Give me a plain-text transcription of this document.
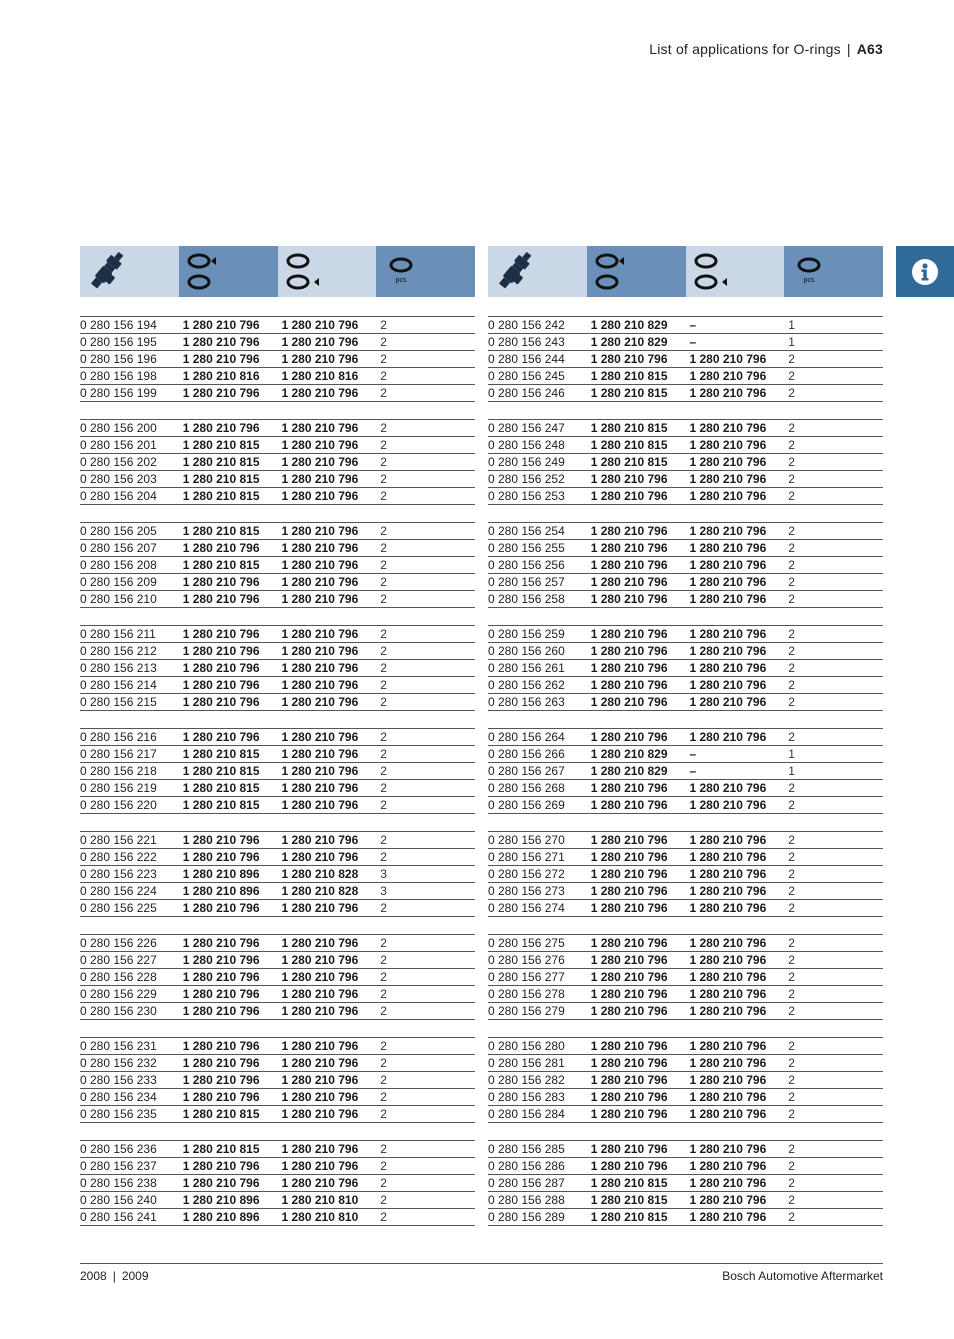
List of applications for O-rings | A63
pcs
0 280 156 194	1 280 210 796	1 280 210 796	2
0 280 156 195	1 280 210 796	1 280 210 796	2
0 280 156 196	1 280 210 796	1 280 210 796	2
0 280 156 198	1 280 210 816	1 280 210 816	2
0 280 156 199	1 280 210 796	1 280 210 796	2
0 280 156 200	1 280 210 796	1 280 210 796	2
0 280 156 201	1 280 210 815	1 280 210 796	2
0 280 156 202	1 280 210 815	1 280 210 796	2
0 280 156 203	1 280 210 815	1 280 210 796	2
0 280 156 204	1 280 210 815	1 280 210 796	2
0 280 156 205	1 280 210 815	1 280 210 796	2
0 280 156 207	1 280 210 796	1 280 210 796	2
0 280 156 208	1 280 210 815	1 280 210 796	2
0 280 156 209	1 280 210 796	1 280 210 796	2
0 280 156 210	1 280 210 796	1 280 210 796	2
0 280 156 211	1 280 210 796	1 280 210 796	2
0 280 156 212	1 280 210 796	1 280 210 796	2
0 280 156 213	1 280 210 796	1 280 210 796	2
0 280 156 214	1 280 210 796	1 280 210 796	2
0 280 156 215	1 280 210 796	1 280 210 796	2
0 280 156 216	1 280 210 796	1 280 210 796	2
0 280 156 217	1 280 210 815	1 280 210 796	2
0 280 156 218	1 280 210 815	1 280 210 796	2
0 280 156 219	1 280 210 815	1 280 210 796	2
0 280 156 220	1 280 210 815	1 280 210 796	2
0 280 156 221	1 280 210 796	1 280 210 796	2
0 280 156 222	1 280 210 796	1 280 210 796	2
0 280 156 223	1 280 210 896	1 280 210 828	3
0 280 156 224	1 280 210 896	1 280 210 828	3
0 280 156 225	1 280 210 796	1 280 210 796	2
0 280 156 226	1 280 210 796	1 280 210 796	2
0 280 156 227	1 280 210 796	1 280 210 796	2
0 280 156 228	1 280 210 796	1 280 210 796	2
0 280 156 229	1 280 210 796	1 280 210 796	2
0 280 156 230	1 280 210 796	1 280 210 796	2
0 280 156 231	1 280 210 796	1 280 210 796	2
0 280 156 232	1 280 210 796	1 280 210 796	2
0 280 156 233	1 280 210 796	1 280 210 796	2
0 280 156 234	1 280 210 796	1 280 210 796	2
0 280 156 235	1 280 210 815	1 280 210 796	2
0 280 156 236	1 280 210 815	1 280 210 796	2
0 280 156 237	1 280 210 796	1 280 210 796	2
0 280 156 238	1 280 210 796	1 280 210 796	2
0 280 156 240	1 280 210 896	1 280 210 810	2
0 280 156 241	1 280 210 896	1 280 210 810	2
pcs
0 280 156 242	1 280 210 829	–	1
0 280 156 243	1 280 210 829	–	1
0 280 156 244	1 280 210 796	1 280 210 796	2
0 280 156 245	1 280 210 815	1 280 210 796	2
0 280 156 246	1 280 210 815	1 280 210 796	2
0 280 156 247	1 280 210 815	1 280 210 796	2
0 280 156 248	1 280 210 815	1 280 210 796	2
0 280 156 249	1 280 210 815	1 280 210 796	2
0 280 156 252	1 280 210 796	1 280 210 796	2
0 280 156 253	1 280 210 796	1 280 210 796	2
0 280 156 254	1 280 210 796	1 280 210 796	2
0 280 156 255	1 280 210 796	1 280 210 796	2
0 280 156 256	1 280 210 796	1 280 210 796	2
0 280 156 257	1 280 210 796	1 280 210 796	2
0 280 156 258	1 280 210 796	1 280 210 796	2
0 280 156 259	1 280 210 796	1 280 210 796	2
0 280 156 260	1 280 210 796	1 280 210 796	2
0 280 156 261	1 280 210 796	1 280 210 796	2
0 280 156 262	1 280 210 796	1 280 210 796	2
0 280 156 263	1 280 210 796	1 280 210 796	2
0 280 156 264	1 280 210 796	1 280 210 796	2
0 280 156 266	1 280 210 829	–	1
0 280 156 267	1 280 210 829	–	1
0 280 156 268	1 280 210 796	1 280 210 796	2
0 280 156 269	1 280 210 796	1 280 210 796	2
0 280 156 270	1 280 210 796	1 280 210 796	2
0 280 156 271	1 280 210 796	1 280 210 796	2
0 280 156 272	1 280 210 796	1 280 210 796	2
0 280 156 273	1 280 210 796	1 280 210 796	2
0 280 156 274	1 280 210 796	1 280 210 796	2
0 280 156 275	1 280 210 796	1 280 210 796	2
0 280 156 276	1 280 210 796	1 280 210 796	2
0 280 156 277	1 280 210 796	1 280 210 796	2
0 280 156 278	1 280 210 796	1 280 210 796	2
0 280 156 279	1 280 210 796	1 280 210 796	2
0 280 156 280	1 280 210 796	1 280 210 796	2
0 280 156 281	1 280 210 796	1 280 210 796	2
0 280 156 282	1 280 210 796	1 280 210 796	2
0 280 156 283	1 280 210 796	1 280 210 796	2
0 280 156 284	1 280 210 796	1 280 210 796	2
0 280 156 285	1 280 210 796	1 280 210 796	2
0 280 156 286	1 280 210 796	1 280 210 796	2
0 280 156 287	1 280 210 815	1 280 210 796	2
0 280 156 288	1 280 210 815	1 280 210 796	2
0 280 156 289	1 280 210 815	1 280 210 796	2
2008 | 2009	Bosch Automotive Aftermarket
